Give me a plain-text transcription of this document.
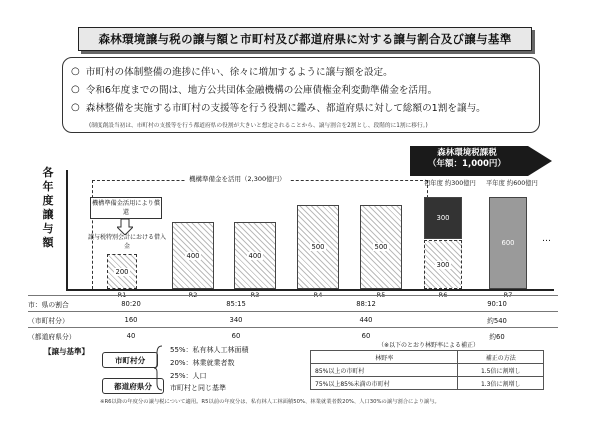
森林環境譲与税の譲与額と市町村及び都道府県に対する譲与割合及び譲与基準
○ 市町村の体制整備の進捗に伴い、徐々に増加するように譲与額を設定。
○ 令和6年度までの間は、地方公共団体金融機構の公庫債権金利変動準備金を活用。
○ 森林整備を実施する市町村の支援等を行う役割に鑑み、都道府県に対して総額の1割を譲与。
(制度創設当初は、市町村の支援等を行う都道府県の役割が大きいと想定されることから、譲与割合を2割とし、段階的に1割に移行。)
各年度譲与額
森林環境税課税
（年額：1,000円）
機構準備金を活用（2,300億円）
機構準備金活用により償還
譲与税特別会計における借入金
200
400	400
500	500
300
300
600
初年度 約300億円 平年度 約600億円
…
R1	R2	R3	R4	R5	R6	R7
市：県の割合	80:20	85:15	88:12	90:10
（市町村分）	160	340	440	約540
（都道府県分）	40	60	60	約60
【譲与基準】
市町村分
都道府県分
55%：私有林人工林面積
（※以下のとおり林野率による補正）
20%：林業就業者数
25%：人口
市町村と同じ基準
林野率	補正の方法
85%以上の市町村	1.5倍に割増し
75%以上85%未満の市町村	1.3倍に割増し
※R6以降の年度分の譲与税について適用。R5以前の年度分は、私有林人工林面積50%、林業就業者数20%、人口30%の譲与割合により譲与。
